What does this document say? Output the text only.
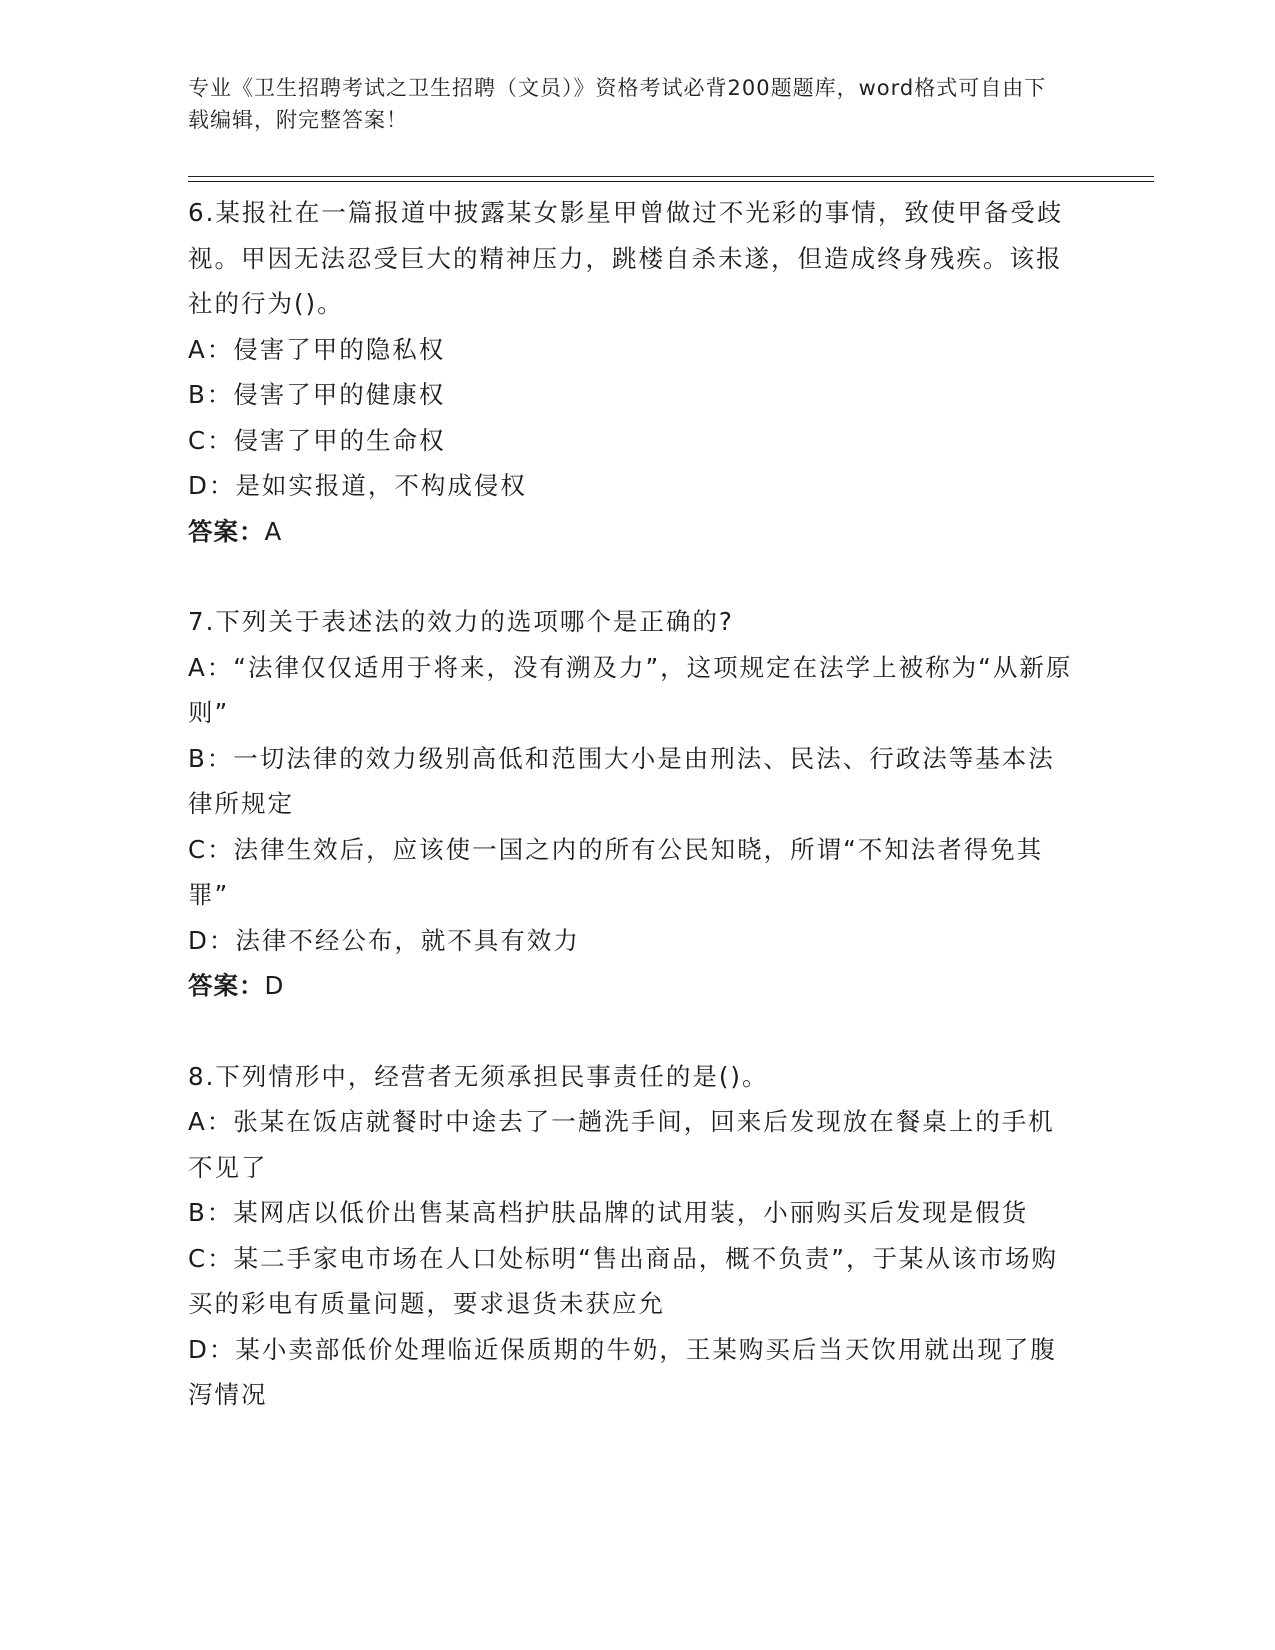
专业《卫生招聘考试之卫生招聘（文员）》资格考试必背200题题库，word格式可自由下载编辑，附完整答案！

6.某报社在一篇报道中披露某女影星甲曾做过不光彩的事情，致使甲备受歧视。甲因无法忍受巨大的精神压力，跳楼自杀未遂，但造成终身残疾。该报社的行为()。

A：侵害了甲的隐私权

B：侵害了甲的健康权

C：侵害了甲的生命权

D：是如实报道，不构成侵权

答案：A

7.下列关于表述法的效力的选项哪个是正确的?

A：“法律仅仅适用于将来，没有溯及力”，这项规定在法学上被称为“从新原则”

B：一切法律的效力级别高低和范围大小是由刑法、民法、行政法等基本法律所规定

C：法律生效后，应该使一国之内的所有公民知晓，所谓“不知法者得免其罪”

D：法律不经公布，就不具有效力

答案：D

8.下列情形中，经营者无须承担民事责任的是()。

A：张某在饭店就餐时中途去了一趟洗手间，回来后发现放在餐桌上的手机不见了

B：某网店以低价出售某高档护肤品牌的试用装，小丽购买后发现是假货

C：某二手家电市场在人口处标明“售出商品，概不负责”，于某从该市场购买的彩电有质量问题，要求退货未获应允

D：某小卖部低价处理临近保质期的牛奶，王某购买后当天饮用就出现了腹泻情况
